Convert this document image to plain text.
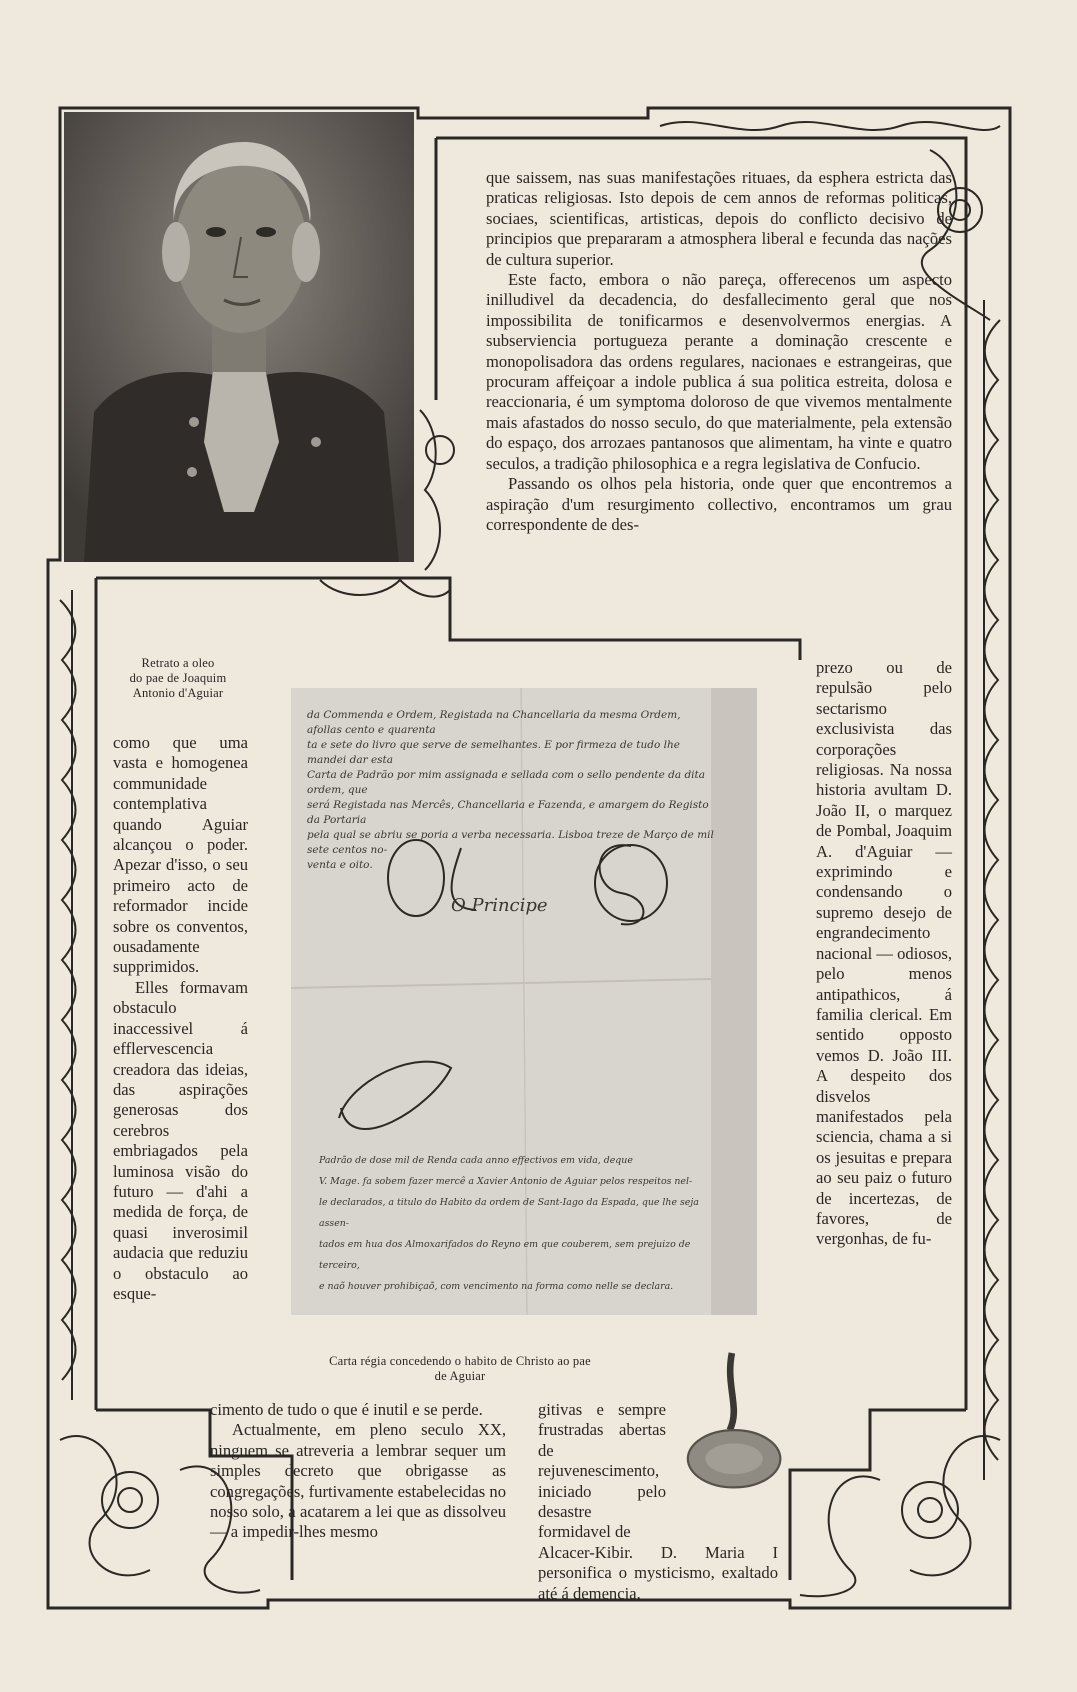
Retrato a oleo
do pae de Joaquim
Antonio d'Aguiar

que saissem, nas suas manifestações rituaes, da esphera estricta das praticas religiosas. Isto depois de cem annos de reformas politicas, sociaes, scientificas, artisticas, depois do conflicto decisivo de principios que prepararam a atmosphera liberal e fecunda das nações de cultura superior.

Este facto, embora o não pareça, offerecenos um aspecto inilludivel da decadencia, do desfallecimento geral que nos impossibilita de tonificarmos e desenvolvermos energias. A subserviencia portugueza perante a dominação crescente e monopolisadora das ordens regulares, nacionaes e estrangeiras, que procuram affeiçoar a indole publica á sua politica estreita, dolosa e reaccionaria, é um symptoma doloroso de que vivemos mentalmente mais afastados do nosso seculo, do que materialmente, pela extensão do espaço, dos arrozaes pantanosos que alimentam, ha vinte e quatro seculos, a tradição philosophica e a regra legislativa de Confucio.

Passando os olhos pela historia, onde quer que encontremos a aspiração d'um resurgimento collectivo, encontramos um grau correspondente de des-

prezo ou de repulsão pelo sectarismo exclusivista das corporações religiosas. Na nossa historia avultam D. João II, o marquez de Pombal, Joaquim A. d'Aguiar — exprimindo e condensando o supremo desejo de engrandecimento nacional — odiosos, pelo menos antipathicos, á familia clerical. Em sentido opposto vemos D. João III. A despeito dos disvelos manifestados pela sciencia, chama a si os jesuitas e prepara ao seu paiz o futuro de incertezas, de favores, de vergonhas, de fu-

como que uma vasta e homogenea communidade contemplativa quando Aguiar alcançou o poder. Apezar d'isso, o seu primeiro acto de reformador incide sobre os conventos, ousadamente supprimidos.

Elles formavam obstaculo inaccessivel á efflervescencia creadora das ideias, das aspirações generosas dos cerebros embriagados pela luminosa visão do futuro — d'ahi a medida de força, de quasi inverosimil audacia que reduziu o obstaculo ao esque-

da Commenda e Ordem, Registada na Chancellaria da mesma Ordem, afollas cento e quarenta
ta e sete do livro que serve de semelhantes. E por firmeza de tudo lhe mandei dar esta
Carta de Padrão por mim assignada e sellada com o sello pendente da dita ordem, que
será Registada nas Mercês, Chancellaria e Fazenda, e amargem do Registo da Portaria
pela qual se abriu se poria a verba necessaria. Lisboa treze de Março de mil sete centos no-
venta e oito.
O Principe
Padrão de dose mil de Renda cada anno effectivos em vida, deque
V. Mage. fa sobem fazer mercê a Xavier Antonio de Aguiar pelos respeitos nel-
le declarados, a titulo do Habito da ordem de Sant-Iago da Espada, que lhe seja assen-
tados em hua dos Almoxarifados do Reyno em que couberem, sem prejuizo de terceiro,
e naõ houver prohibiçaõ, com vencimento na forma como nelle se declara.
Carta régia concedendo o habito de Christo ao pae
de Aguiar

cimento de tudo o que é inutil e se perde.

Actualmente, em pleno seculo XX, ninguem se atreveria a lembrar sequer um simples decreto que obrigasse as congregações, furtivamente estabelecidas no nosso solo, a acatarem a lei que as dissolveu — a impedir-lhes mesmo

gitivas e sempre frustradas abertas de rejuvenescimento, iniciado pelo desastre formidavel de

Alcacer-Kibir. D. Maria I personifica o mysticismo, exaltado até á demencia,
